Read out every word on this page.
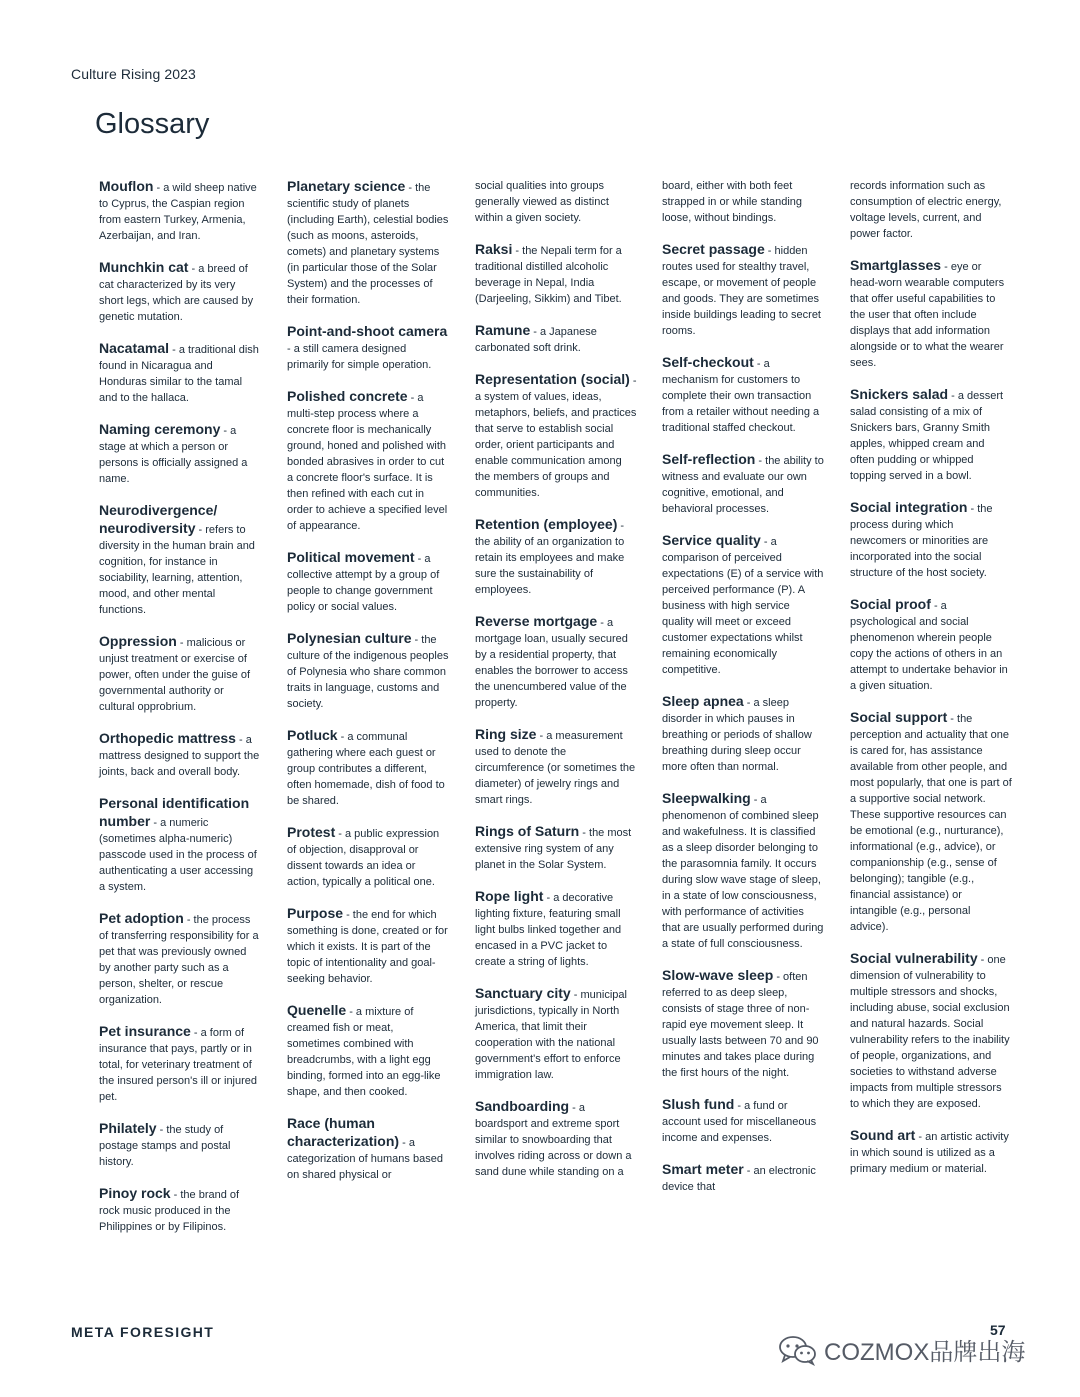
Culture Rising 2023
Glossary

Mouflon - a wild sheep native to Cyprus, the Caspian region from eastern Turkey, Armenia, Azerbaijan, and Iran.

Munchkin cat - a breed of cat characterized by its very short legs, which are caused by genetic mutation.

Nacatamal - a traditional dish found in Nicaragua and Honduras similar to the tamal and to the hallaca.

Naming ceremony - a stage at which a person or persons is officially assigned a name.

Neurodivergence/ neurodiversity - refers to diversity in the human brain and cognition, for instance in sociability, learning, attention, mood, and other mental functions.

Oppression - malicious or unjust treatment or exercise of power, often under the guise of governmental authority or cultural opprobrium.

Orthopedic mattress - a mattress designed to support the joints, back and overall body.

Personal identification number - a numeric (sometimes alpha-numeric) passcode used in the process of authenticating a user accessing a system.

Pet adoption - the process of transferring responsibility for a pet that was previously owned by another party such as a person, shelter, or rescue organization.

Pet insurance - a form of insurance that pays, partly or in total, for veterinary treatment of the insured person's ill or injured pet.

Philately - the study of postage stamps and postal history.

Pinoy rock - the brand of rock music produced in the Philippines or by Filipinos.

Planetary science - the scientific study of planets (including Earth), celestial bodies (such as moons, asteroids, comets) and planetary systems (in particular those of the Solar System) and the processes of their formation.

Point-and-shoot camera - a still camera designed primarily for simple operation.

Polished concrete - a multi-step process where a concrete floor is mechanically ground, honed and polished with bonded abrasives in order to cut a concrete floor's surface. It is then refined with each cut in order to achieve a specified level of appearance.

Political movement - a collective attempt by a group of people to change government policy or social values.

Polynesian culture - the culture of the indigenous peoples of Polynesia who share common traits in language, customs and society.

Potluck - a communal gathering where each guest or group contributes a different, often homemade, dish of food to be shared.

Protest - a public expression of objection, disapproval or dissent towards an idea or action, typically a political one.

Purpose - the end for which something is done, created or for which it exists. It is part of the topic of intentionality and goal-seeking behavior.

Quenelle - a mixture of creamed fish or meat, sometimes combined with breadcrumbs, with a light egg binding, formed into an egg-like shape, and then cooked.

Race (human characterization) - a categorization of humans based on shared physical or

social qualities into groups generally viewed as distinct within a given society.

Raksi - the Nepali term for a traditional distilled alcoholic beverage in Nepal, India (Darjeeling, Sikkim) and Tibet.

Ramune - a Japanese carbonated soft drink.

Representation (social) - a system of values, ideas, metaphors, beliefs, and practices that serve to establish social order, orient participants and enable communication among the members of groups and communities.

Retention (employee) - the ability of an organization to retain its employees and make sure the sustainability of employees.

Reverse mortgage - a mortgage loan, usually secured by a residential property, that enables the borrower to access the unencumbered value of the property.

Ring size - a measurement used to denote the circumference (or sometimes the diameter) of jewelry rings and smart rings.

Rings of Saturn - the most extensive ring system of any planet in the Solar System.

Rope light - a decorative lighting fixture, featuring small light bulbs linked together and encased in a PVC jacket to create a string of lights.

Sanctuary city - municipal jurisdictions, typically in North America, that limit their cooperation with the national government's effort to enforce immigration law.

Sandboarding - a boardsport and extreme sport similar to snowboarding that involves riding across or down a sand dune while standing on a

board, either with both feet strapped in or while standing loose, without bindings.

Secret passage - hidden routes used for stealthy travel, escape, or movement of people and goods. They are sometimes inside buildings leading to secret rooms.

Self-checkout - a mechanism for customers to complete their own transaction from a retailer without needing a traditional staffed checkout.

Self-reflection - the ability to witness and evaluate our own cognitive, emotional, and behavioral processes.

Service quality - a comparison of perceived expectations (E) of a service with perceived performance (P). A business with high service quality will meet or exceed customer expectations whilst remaining economically competitive.

Sleep apnea - a sleep disorder in which pauses in breathing or periods of shallow breathing during sleep occur more often than normal.

Sleepwalking - a phenomenon of combined sleep and wakefulness. It is classified as a sleep disorder belonging to the parasomnia family. It occurs during slow wave stage of sleep, in a state of low consciousness, with performance of activities that are usually performed during a state of full consciousness.

Slow-wave sleep - often referred to as deep sleep, consists of stage three of non-rapid eye movement sleep. It usually lasts between 70 and 90 minutes and takes place during the first hours of the night.

Slush fund - a fund or account used for miscellaneous income and expenses.

Smart meter - an electronic device that

records information such as consumption of electric energy, voltage levels, current, and power factor.

Smartglasses - eye or head-worn wearable computers that offer useful capabilities to the user that often include displays that add information alongside or to what the wearer sees.

Snickers salad - a dessert salad consisting of a mix of Snickers bars, Granny Smith apples, whipped cream and often pudding or whipped topping served in a bowl.

Social integration - the process during which newcomers or minorities are incorporated into the social structure of the host society.

Social proof - a psychological and social phenomenon wherein people copy the actions of others in an attempt to undertake behavior in a given situation.

Social support - the perception and actuality that one is cared for, has assistance available from other people, and most popularly, that one is part of a supportive social network. These supportive resources can be emotional (e.g., nurturance), informational (e.g., advice), or companionship (e.g., sense of belonging); tangible (e.g., financial assistance) or intangible (e.g., personal advice).

Social vulnerability - one dimension of vulnerability to multiple stressors and shocks, including abuse, social exclusion and natural hazards. Social vulnerability refers to the inability of people, organizations, and societies to withstand adverse impacts from multiple stressors to which they are exposed.

Sound art - an artistic activity in which sound is utilized as a primary medium or material.

META FORESIGHT	57
COZMOX品牌出海
